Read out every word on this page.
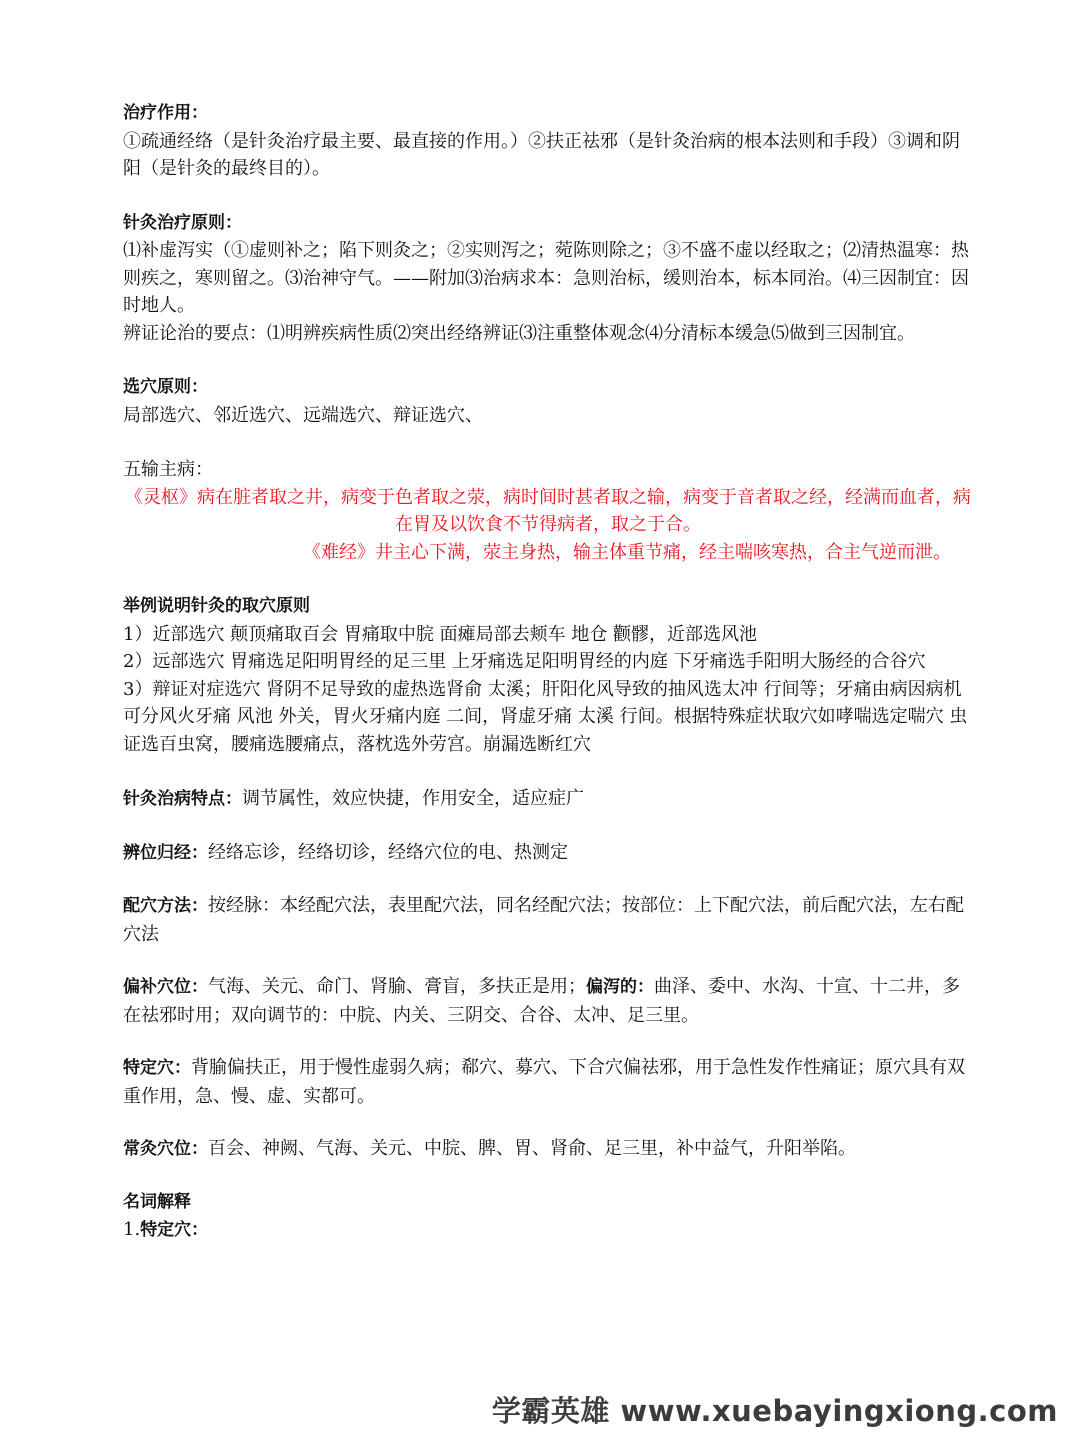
治疗作用：
①疏通经络（是针灸治疗最主要、最直接的作用。）②扶正祛邪（是针灸治病的根本法则和手段）③调和阴阳（是针灸的最终目的）。
针灸治疗原则：
⑴补虚泻实（①虚则补之；陷下则灸之；②实则泻之；菀陈则除之；③不盛不虚以经取之；⑵清热温寒：热则疾之，寒则留之。⑶治神守气。——附加⑶治病求本：急则治标，缓则治本，标本同治。⑷三因制宜：因时地人。
辨证论治的要点：⑴明辨疾病性质⑵突出经络辨证⑶注重整体观念⑷分清标本缓急⑸做到三因制宜。
选穴原则：
局部选穴、邻近选穴、远端选穴、辩证选穴、
五输主病：
《灵枢》病在脏者取之井，病变于色者取之荥，病时间时甚者取之输，病变于音者取之经，经满而血者，病在胃及以饮食不节得病者，取之于合。
《难经》井主心下满，荥主身热，输主体重节痛，经主喘咳寒热，合主气逆而泄。
举例说明针灸的取穴原则
1）近部选穴 颠顶痛取百会 胃痛取中脘 面瘫局部去颊车 地仓 颧髎，近部选风池
2）远部选穴 胃痛选足阳明胃经的足三里 上牙痛选足阳明胃经的内庭 下牙痛选手阳明大肠经的合谷穴
3）辩证对症选穴 肾阴不足导致的虚热选肾俞 太溪；肝阳化风导致的抽风选太冲 行间等；牙痛由病因病机可分风火牙痛 风池 外关，胃火牙痛内庭 二间，肾虚牙痛 太溪 行间。根据特殊症状取穴如哮喘选定喘穴 虫证选百虫窝，腰痛选腰痛点，落枕选外劳宫。崩漏选断红穴
针灸治病特点：调节属性，效应快捷，作用安全，适应症广
辨位归经：经络忘诊，经络切诊，经络穴位的电、热测定
配穴方法：按经脉：本经配穴法，表里配穴法，同名经配穴法；按部位：上下配穴法，前后配穴法，左右配穴法
偏补穴位：气海、关元、命门、肾腧、膏盲，多扶正是用；偏泻的：曲泽、委中、水沟、十宣、十二井，多在祛邪时用；双向调节的：中脘、内关、三阴交、合谷、太冲、足三里。
特定穴：背腧偏扶正，用于慢性虚弱久病；郗穴、募穴、下合穴偏祛邪，用于急性发作性痛证；原穴具有双重作用，急、慢、虚、实都可。
常灸穴位：百会、神阙、气海、关元、中脘、脾、胃、肾俞、足三里，补中益气，升阳举陷。
名词解释
1.特定穴：
学霸英雄 www.xuebayingxiong.com
